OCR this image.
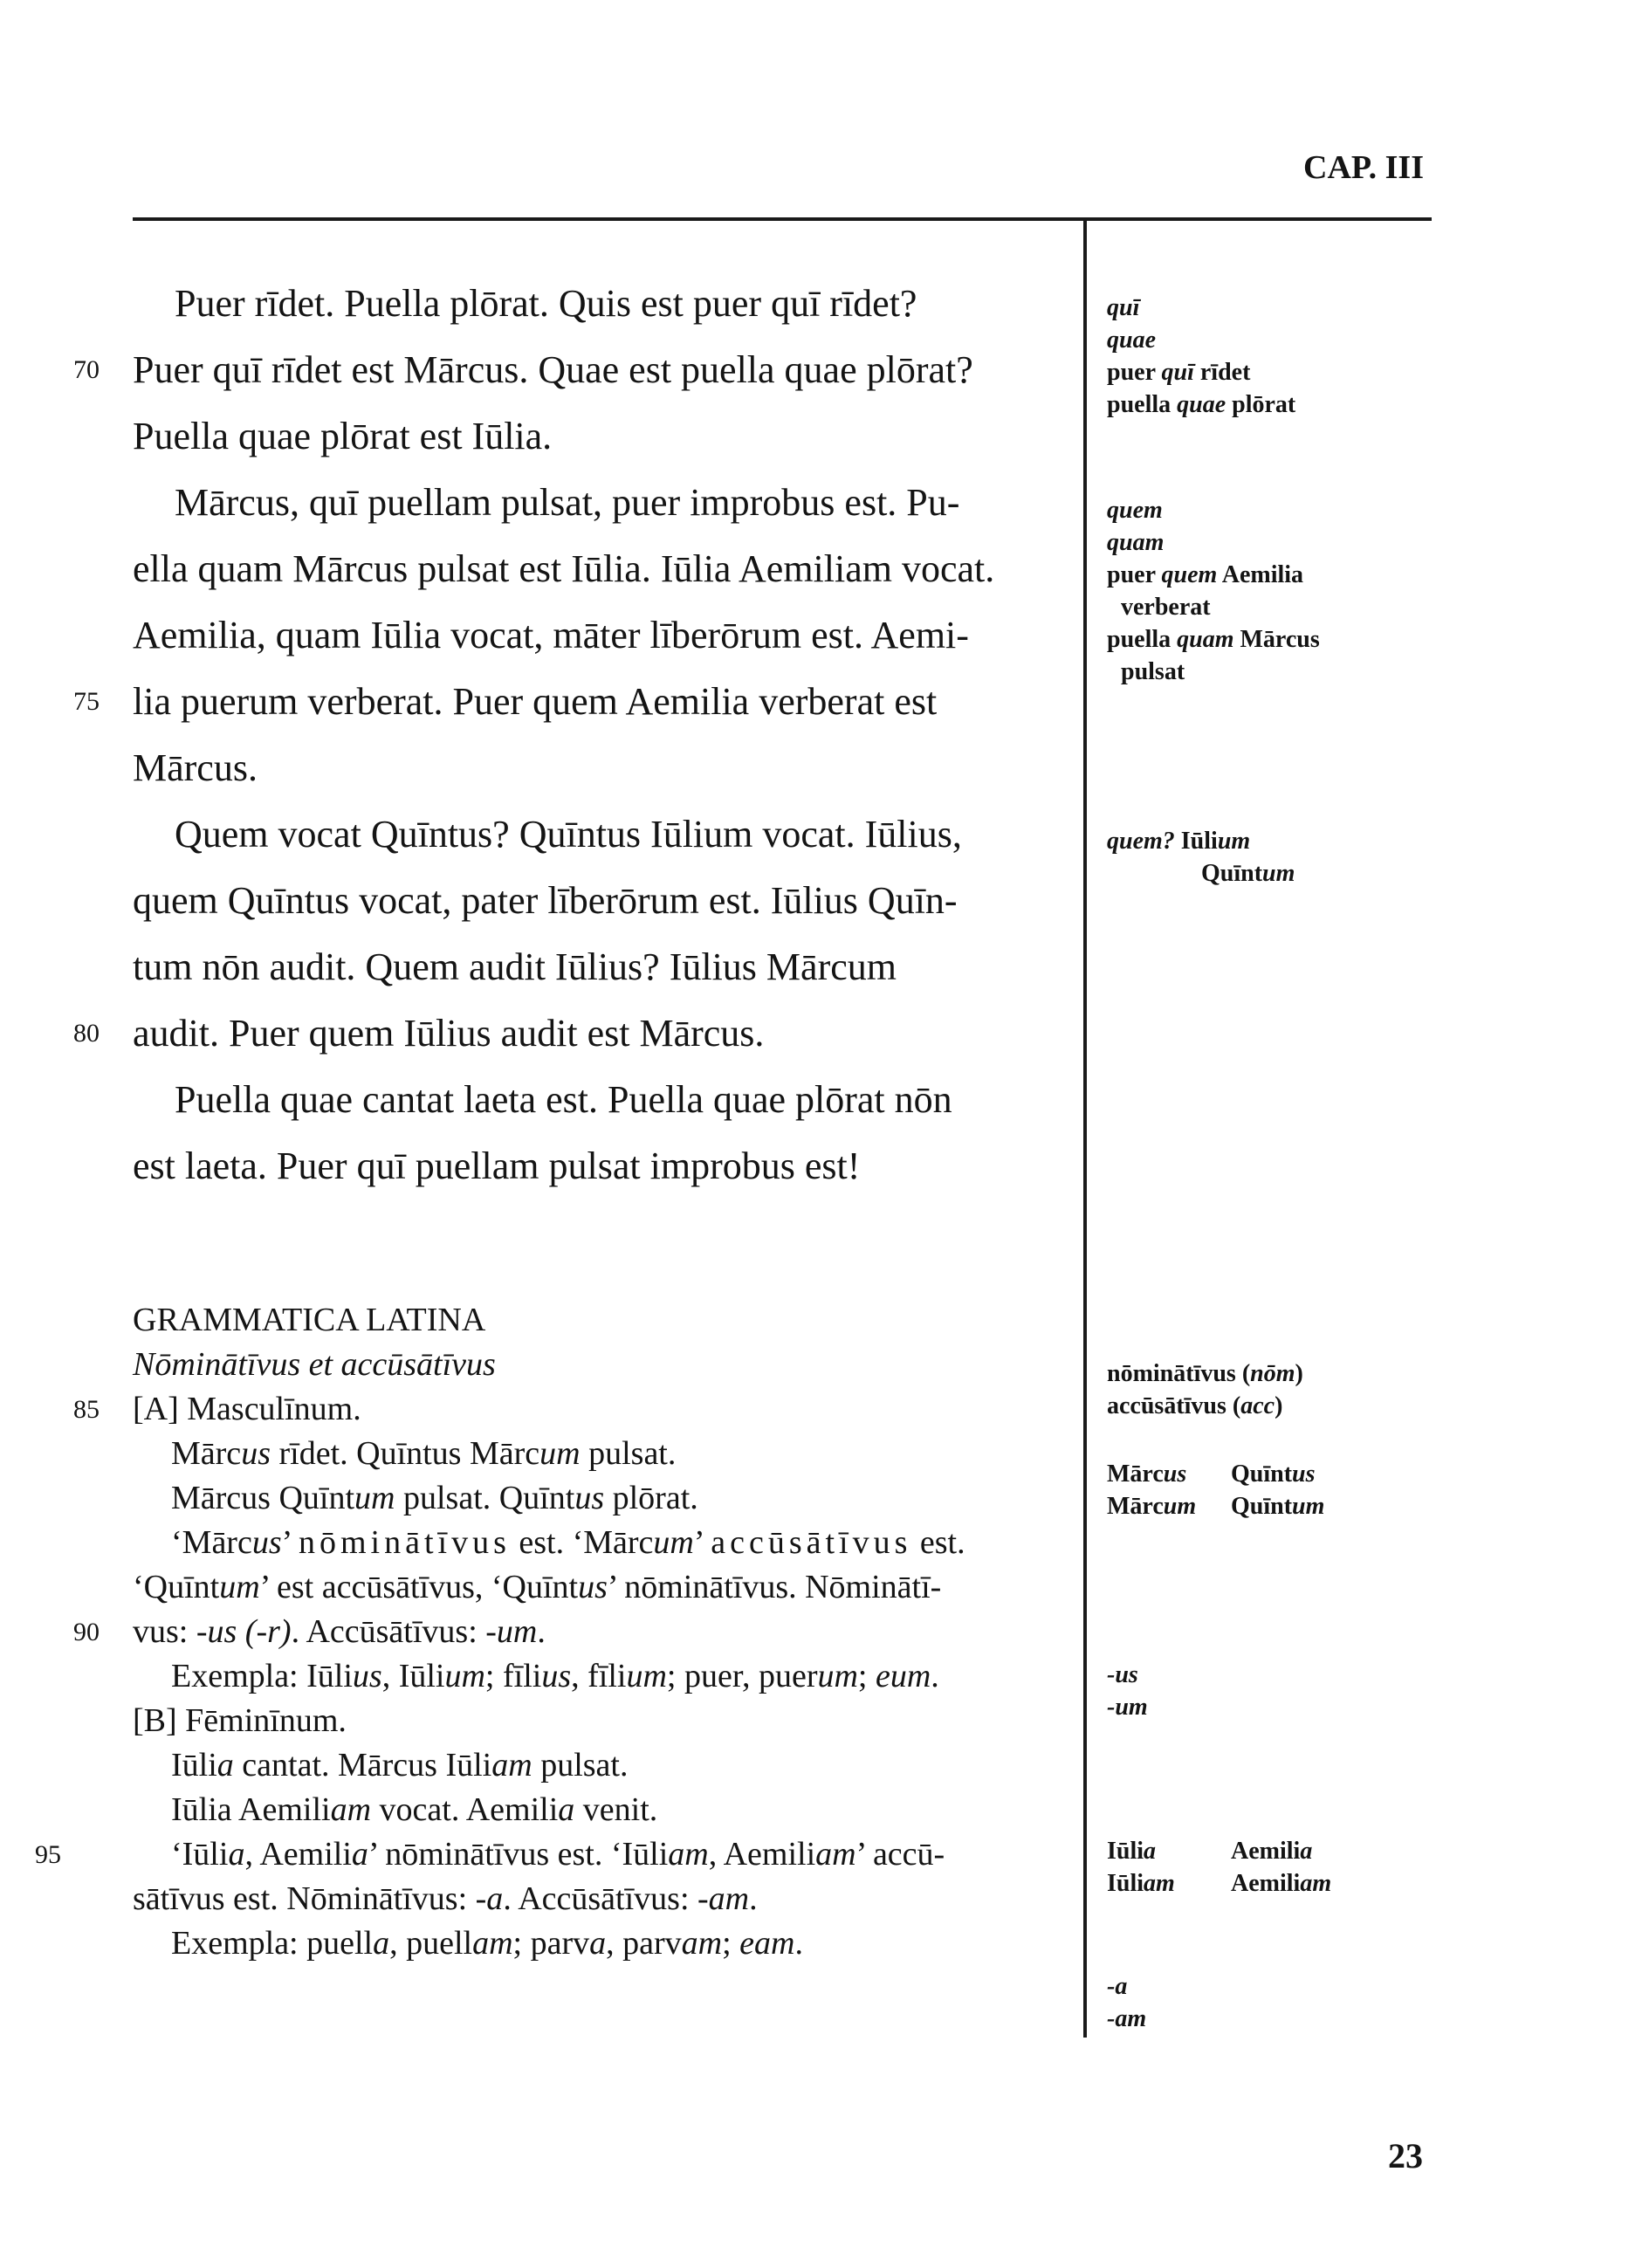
CAP. III
Puer rīdet. Puella plōrat. Quis est puer quī rīdet?
70 Puer quī rīdet est Mārcus. Quae est puella quae plōrat?
Puella quae plōrat est Iūlia.
Mārcus, quī puellam pulsat, puer improbus est. Pu-
ella quam Mārcus pulsat est Iūlia. Iūlia Aemiliam vocat.
Aemilia, quam Iūlia vocat, māter līberōrum est. Aemi-
75 lia puerum verberat. Puer quem Aemilia verberat est
Mārcus.
Quem vocat Quīntus? Quīntus Iūlium vocat. Iūlius,
quem Quīntus vocat, pater līberōrum est. Iūlius Quīn-
tum nōn audit. Quem audit Iūlius? Iūlius Mārcum
80 audit. Puer quem Iūlius audit est Mārcus.
Puella quae cantat laeta est. Puella quae plōrat nōn
est laeta. Puer quī puellam pulsat improbus est!
GRAMMATICA LATINA
Nōminātīvus et accūsātīvus
85 [A] Masculīnum.
Mārcus rīdet. Quīntus Mārcum pulsat.
Mārcus Quīntum pulsat. Quīntus plōrat.
‘Mārcus’ nōminātīvus est. ‘Mārcum’ accūsātīvus est.
‘Quīntum’ est accūsātīvus, ‘Quīntus’ nōminātīvus. Nōminātī-
90 vus: -us (-r). Accūsātīvus: -um.
Exempla: Iūlius, Iūlium; fīlius, fīlium; puer, puerum; eum.
[B] Fēminīnum.
Iūlia cantat. Mārcus Iūliam pulsat.
Iūlia Aemiliam vocat. Aemilia venit.
95	‘Iūlia, Aemilia’ nōminātīvus est. ‘Iūliam, Aemiliam’ accū-
sātīvus est. Nōminātīvus: -a. Accūsātīvus: -am.
Exempla: puella, puellam; parva, parvam; eam.
quī
quae
puer quī rīdet
puella quae plōrat
quem
quam
puer quem Aemilia
verberat
puella quam Mārcus
pulsat
quem? Iūlium
Quīntum
nōminātīvus (nōm)
accūsātīvus (acc)
Mārcus Quīntus
Mārcum Quīntum
-us
-um
Iūlia	Aemilia
Iūliam Aemiliam
-a
-am
23
